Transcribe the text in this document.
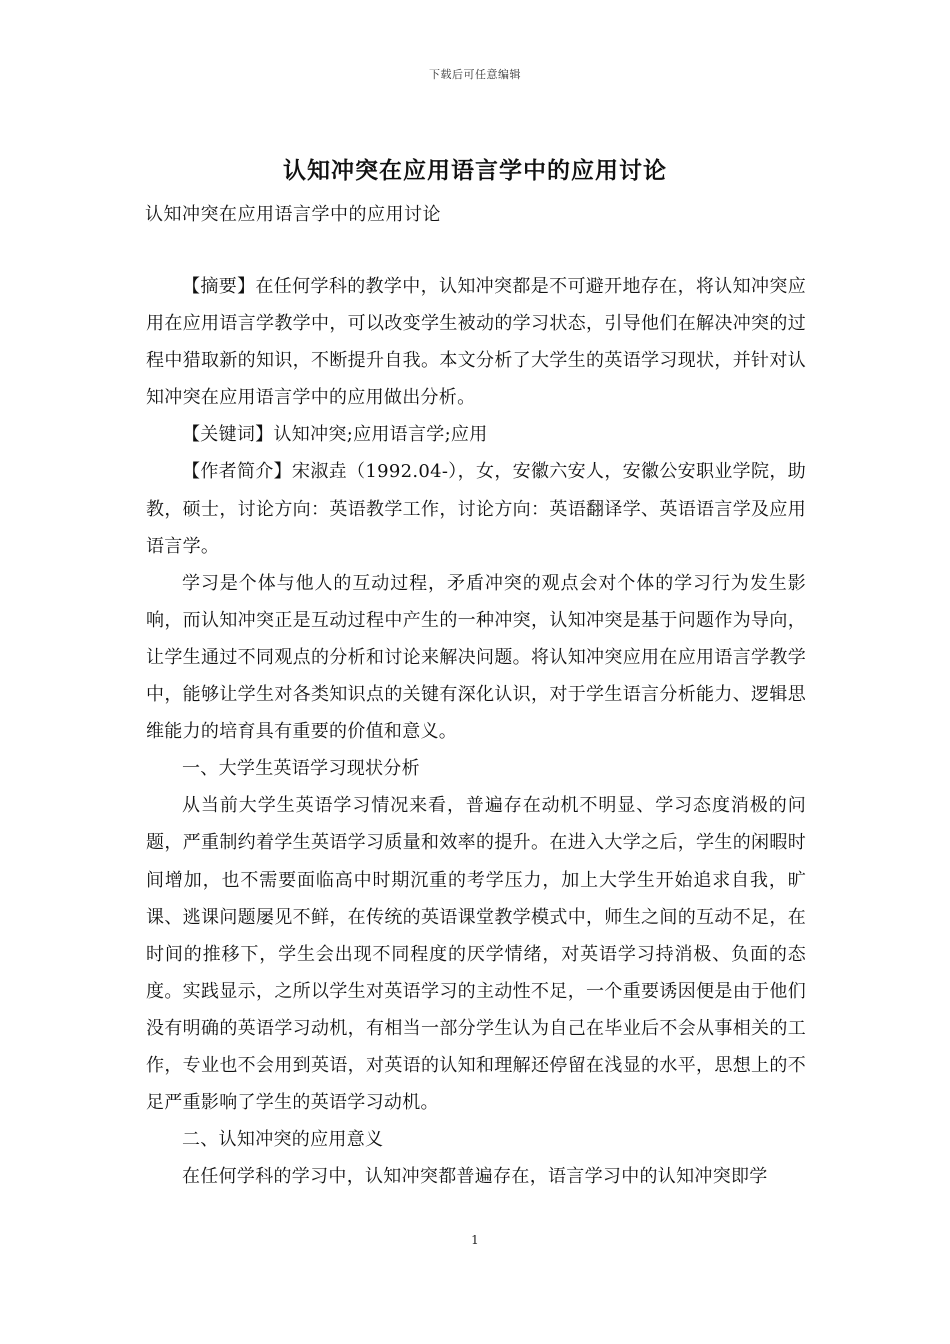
下载后可任意编辑
认知冲突在应用语言学中的应用讨论
认知冲突在应用语言学中的应用讨论

【摘要】在任何学科的教学中，认知冲突都是不可避开地存在，将认知冲突应用在应用语言学教学中，可以改变学生被动的学习状态，引导他们在解决冲突的过程中猎取新的知识，不断提升自我。本文分析了大学生的英语学习现状，并针对认知冲突在应用语言学中的应用做出分析。

【关键词】认知冲突;应用语言学;应用

【作者简介】宋淑垚（1992.04-），女，安徽六安人，安徽公安职业学院，助教，硕士，讨论方向：英语教学工作，讨论方向：英语翻译学、英语语言学及应用语言学。

学习是个体与他人的互动过程，矛盾冲突的观点会对个体的学习行为发生影响，而认知冲突正是互动过程中产生的一种冲突，认知冲突是基于问题作为导向，让学生通过不同观点的分析和讨论来解决问题。将认知冲突应用在应用语言学教学中，能够让学生对各类知识点的关键有深化认识，对于学生语言分析能力、逻辑思维能力的培育具有重要的价值和意义。

一、大学生英语学习现状分析

从当前大学生英语学习情况来看，普遍存在动机不明显、学习态度消极的问题，严重制约着学生英语学习质量和效率的提升。在进入大学之后，学生的闲暇时间增加，也不需要面临高中时期沉重的考学压力，加上大学生开始追求自我，旷课、逃课问题屡见不鲜，在传统的英语课堂教学模式中，师生之间的互动不足，在时间的推移下，学生会出现不同程度的厌学情绪，对英语学习持消极、负面的态度。实践显示，之所以学生对英语学习的主动性不足，一个重要诱因便是由于他们没有明确的英语学习动机，有相当一部分学生认为自己在毕业后不会从事相关的工作，专业也不会用到英语，对英语的认知和理解还停留在浅显的水平，思想上的不足严重影响了学生的英语学习动机。

二、认知冲突的应用意义

在任何学科的学习中，认知冲突都普遍存在，语言学习中的认知冲突即学

1
